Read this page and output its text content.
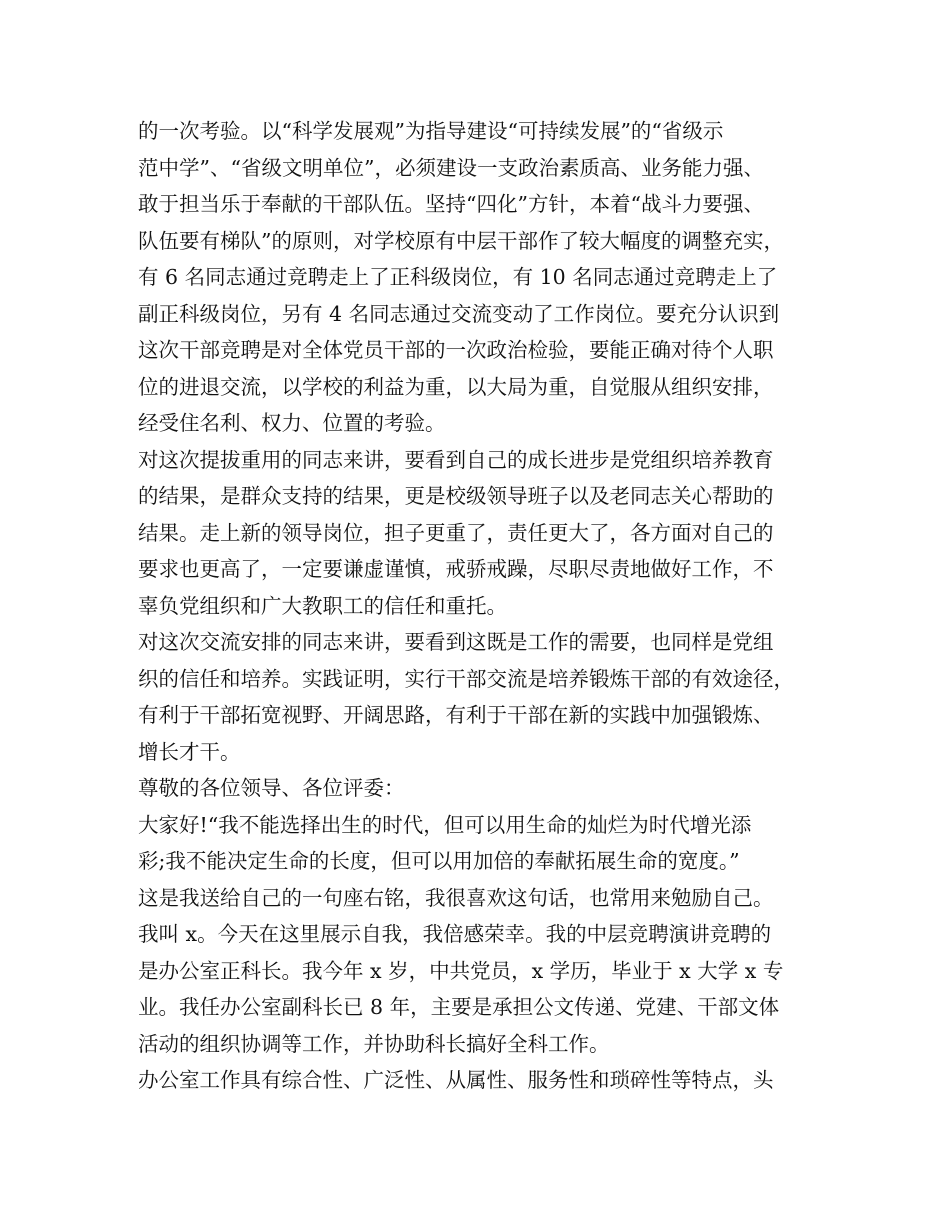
的一次考验。以“科学发展观”为指导建设“可持续发展”的“省级示
范中学”、“省级文明单位”，必须建设一支政治素质高、业务能力强、
敢于担当乐于奉献的干部队伍。坚持“四化”方针，本着“战斗力要强、
队伍要有梯队”的原则，对学校原有中层干部作了较大幅度的调整充实，
有 6 名同志通过竞聘走上了正科级岗位，有 10 名同志通过竞聘走上了
副正科级岗位，另有 4 名同志通过交流变动了工作岗位。要充分认识到
这次干部竞聘是对全体党员干部的一次政治检验，要能正确对待个人职
位的进退交流，以学校的利益为重，以大局为重，自觉服从组织安排，
经受住名利、权力、位置的考验。
对这次提拔重用的同志来讲，要看到自己的成长进步是党组织培养教育
的结果，是群众支持的结果，更是校级领导班子以及老同志关心帮助的
结果。走上新的领导岗位，担子更重了，责任更大了，各方面对自己的
要求也更高了，一定要谦虚谨慎，戒骄戒躁，尽职尽责地做好工作，不
辜负党组织和广大教职工的信任和重托。
对这次交流安排的同志来讲，要看到这既是工作的需要，也同样是党组
织的信任和培养。实践证明，实行干部交流是培养锻炼干部的有效途径，
有利于干部拓宽视野、开阔思路，有利于干部在新的实践中加强锻炼、
增长才干。
尊敬的各位领导、各位评委：
大家好!“我不能选择出生的时代，但可以用生命的灿烂为时代增光添
彩;我不能决定生命的长度，但可以用加倍的奉献拓展生命的宽度。”
这是我送给自己的一句座右铭，我很喜欢这句话，也常用来勉励自己。
我叫 x。今天在这里展示自我，我倍感荣幸。我的中层竞聘演讲竞聘的
是办公室正科长。我今年 x 岁，中共党员，x 学历，毕业于 x 大学 x 专
业。我任办公室副科长已 8 年，主要是承担公文传递、党建、干部文体
活动的组织协调等工作，并协助科长搞好全科工作。
办公室工作具有综合性、广泛性、从属性、服务性和琐碎性等特点，头
